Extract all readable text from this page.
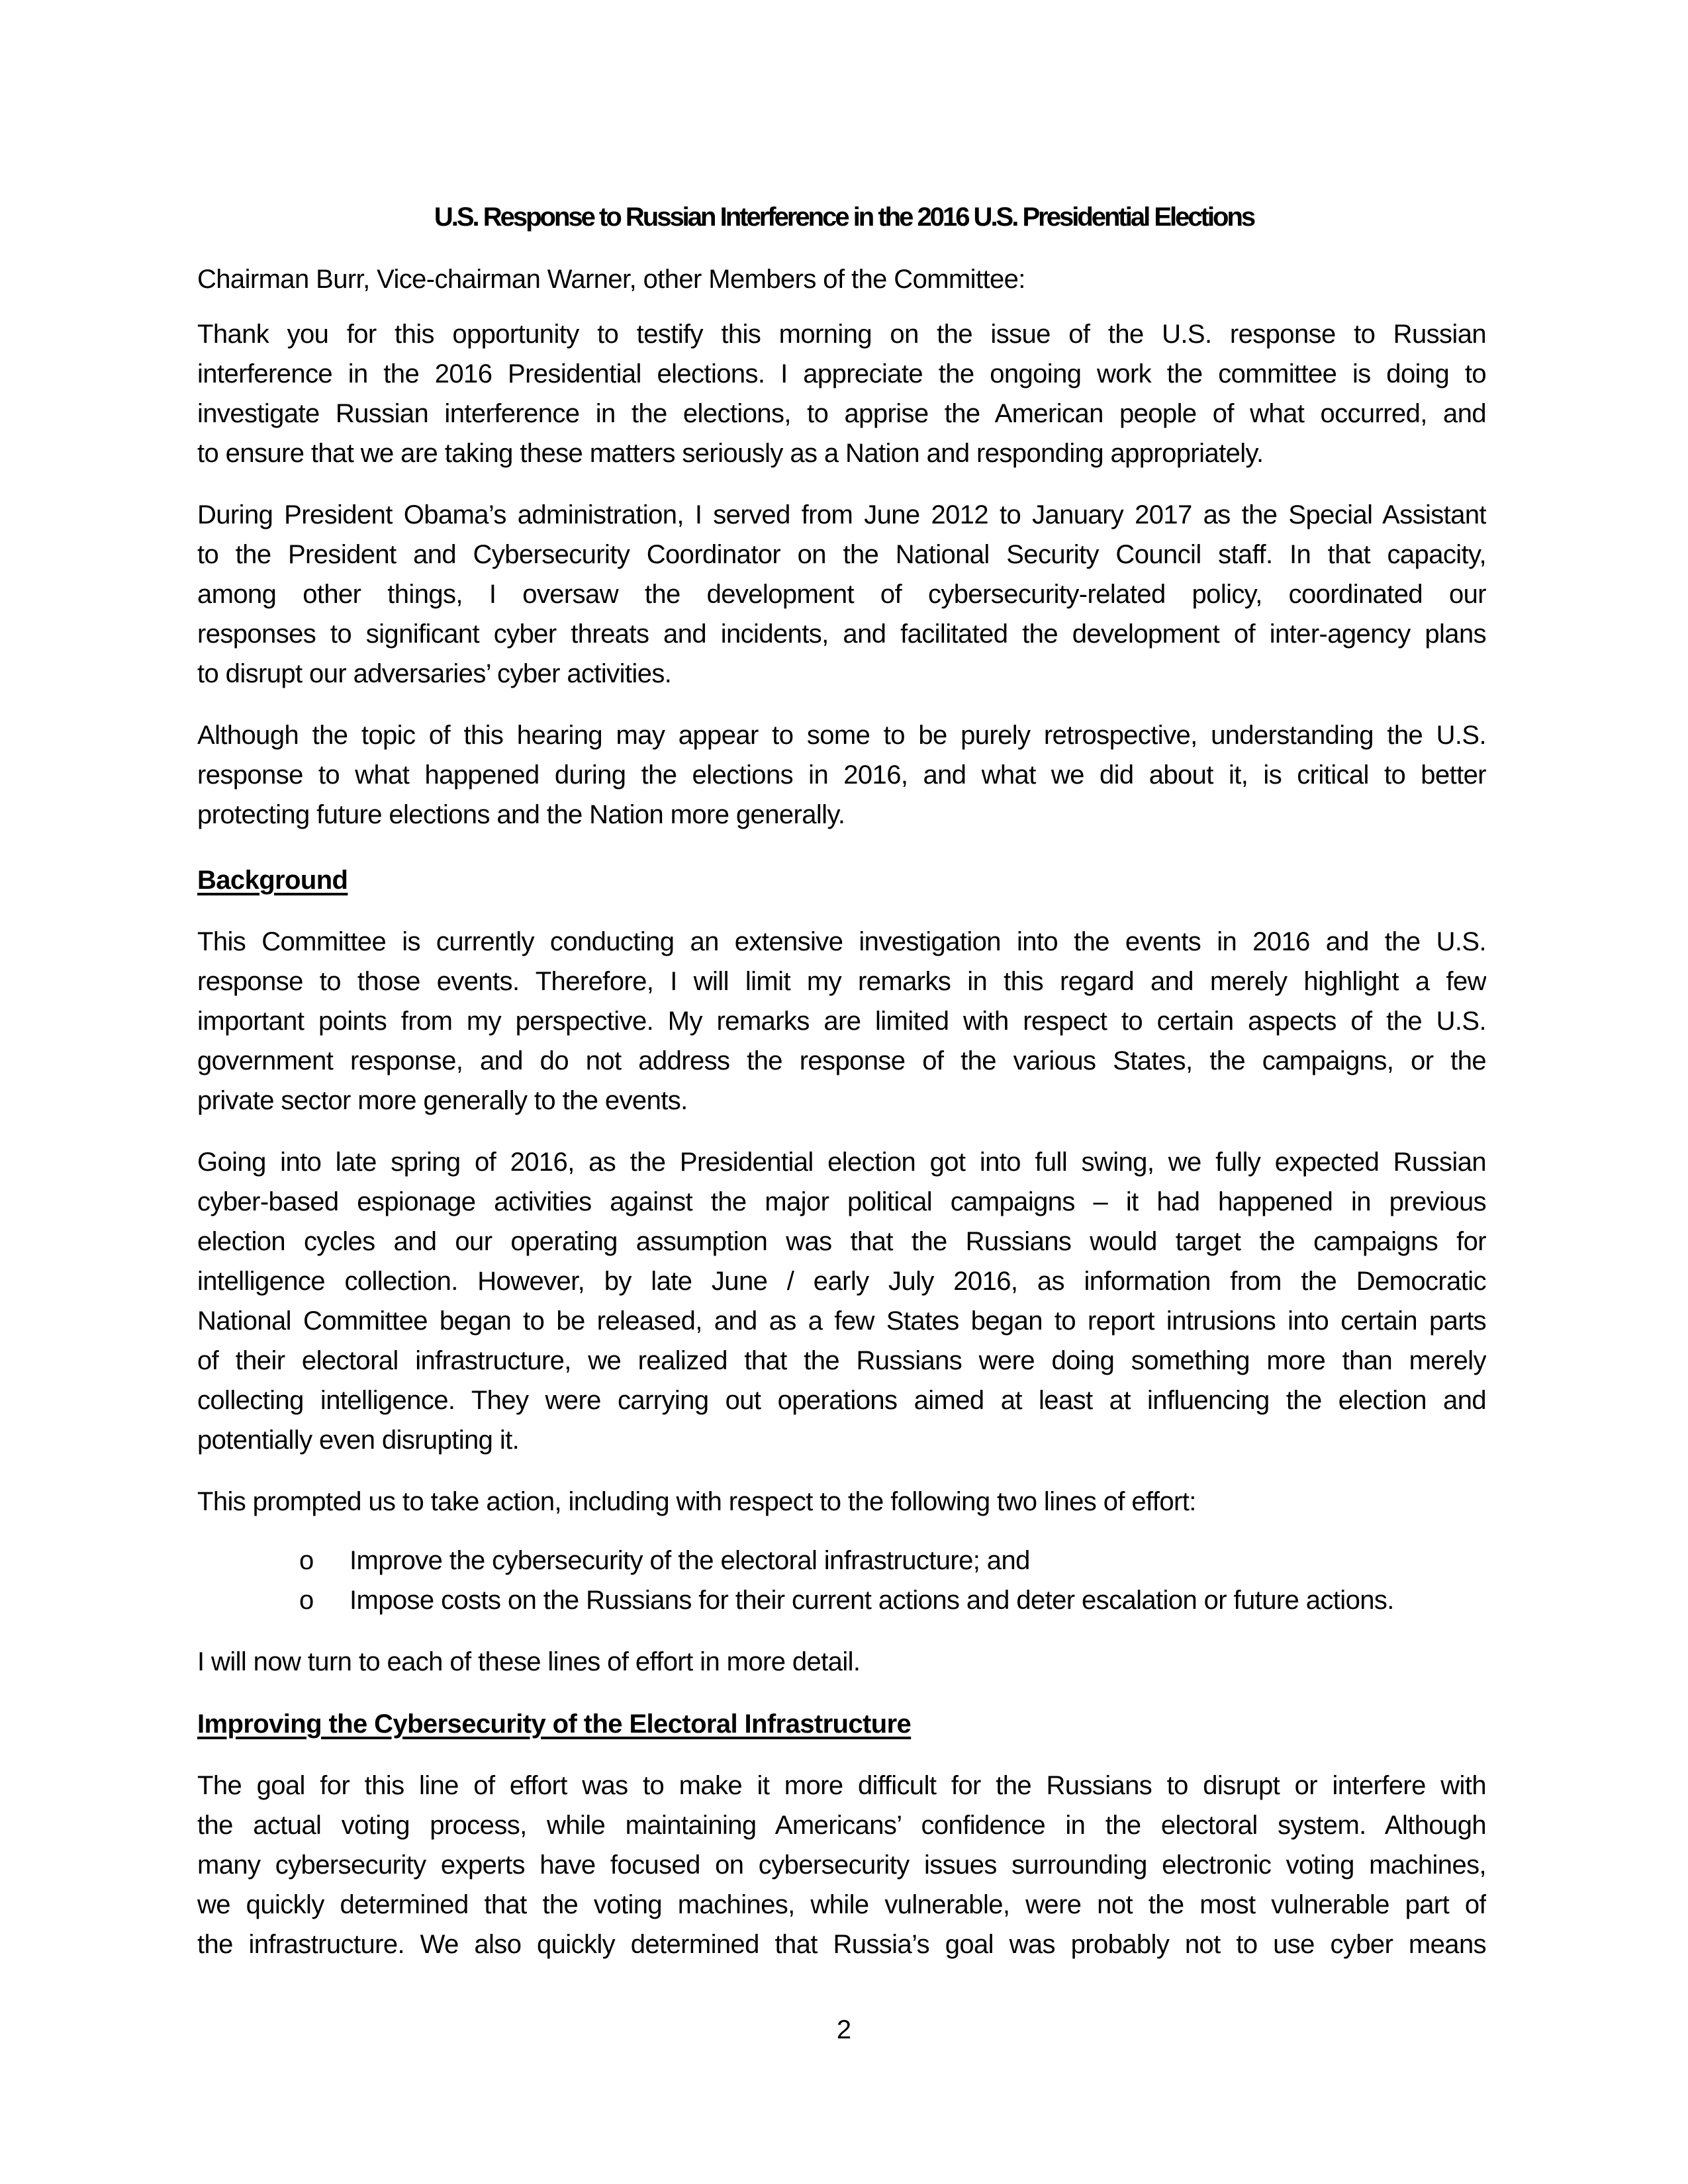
U.S. Response to Russian Interference in the 2016 U.S. Presidential Elections
Chairman Burr, Vice-chairman Warner, other Members of the Committee:
Thank you for this opportunity to testify this morning on the issue of the U.S. response to Russian
interference in the 2016 Presidential elections. I appreciate the ongoing work the committee is doing to
investigate Russian interference in the elections, to apprise the American people of what occurred, and
to ensure that we are taking these matters seriously as a Nation and responding appropriately.
During President Obama’s administration, I served from June 2012 to January 2017 as the Special Assistant
to the President and Cybersecurity Coordinator on the National Security Council staff. In that capacity,
among other things, I oversaw the development of cybersecurity-related policy, coordinated our
responses to significant cyber threats and incidents, and facilitated the development of inter-agency plans
to disrupt our adversaries’ cyber activities.
Although the topic of this hearing may appear to some to be purely retrospective, understanding the U.S.
response to what happened during the elections in 2016, and what we did about it, is critical to better
protecting future elections and the Nation more generally.
Background
This Committee is currently conducting an extensive investigation into the events in 2016 and the U.S.
response to those events. Therefore, I will limit my remarks in this regard and merely highlight a few
important points from my perspective. My remarks are limited with respect to certain aspects of the U.S.
government response, and do not address the response of the various States, the campaigns, or the
private sector more generally to the events.
Going into late spring of 2016, as the Presidential election got into full swing, we fully expected Russian
cyber-based espionage activities against the major political campaigns – it had happened in previous
election cycles and our operating assumption was that the Russians would target the campaigns for
intelligence collection. However, by late June / early July 2016, as information from the Democratic
National Committee began to be released, and as a few States began to report intrusions into certain parts
of their electoral infrastructure, we realized that the Russians were doing something more than merely
collecting intelligence. They were carrying out operations aimed at least at influencing the election and
potentially even disrupting it.
This prompted us to take action, including with respect to the following two lines of effort:
o Improve the cybersecurity of the electoral infrastructure; and
o Impose costs on the Russians for their current actions and deter escalation or future actions.
I will now turn to each of these lines of effort in more detail.
Improving the Cybersecurity of the Electoral Infrastructure
The goal for this line of effort was to make it more difficult for the Russians to disrupt or interfere with
the actual voting process, while maintaining Americans’ confidence in the electoral system. Although
many cybersecurity experts have focused on cybersecurity issues surrounding electronic voting machines,
we quickly determined that the voting machines, while vulnerable, were not the most vulnerable part of
the infrastructure. We also quickly determined that Russia’s goal was probably not to use cyber means
2
